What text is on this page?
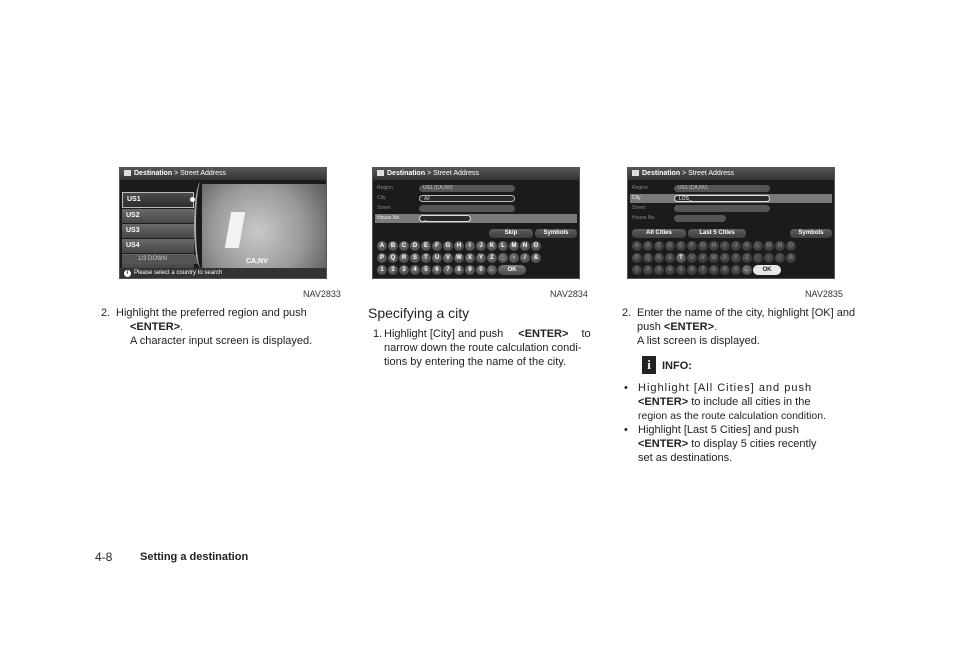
Destination > Street Address
US1
US2
US3
US4
1/3 DOWN	CA,NV
i Please select a country to search
NAV2833
Destination > Street Address
Region	US1 (CA,NV)
City	All
Street
House No.	_
Skip	Symbols
A B C D E F G H I J K L M N O
P Q R S T U V W X Y Z _ - / &
1 2 3 4 5 6 7 8 9 0 ← OK
NAV2834
Destination > Street Address
Region	US1 (CA,NV)
City	LOS_
Street
House No.
All Cities	Last 5 Cities	Symbols
A B C D E F G H I J K L M N O
P Q R S T U V W X Y Z _ - / &
1 2 3 4 5 6 7 8 9 0 ← OK
NAV2835
2. Highlight the preferred region and push
<ENTER>.
A character input screen is displayed.
Specifying a city
1. Highlight [City] and push <ENTER> to
narrow down the route calculation condi-
tions by entering the name of the city.
2. Enter the name of the city, highlight [OK] and
push <ENTER>.
A list screen is displayed.
i	INFO:
• Highlight [All Cities] and push
<ENTER> to include all cities in the
region as the route calculation condition.
• Highlight [Last 5 Cities] and push
<ENTER> to display 5 cities recently
set as destinations.
4-8	Setting a destination
